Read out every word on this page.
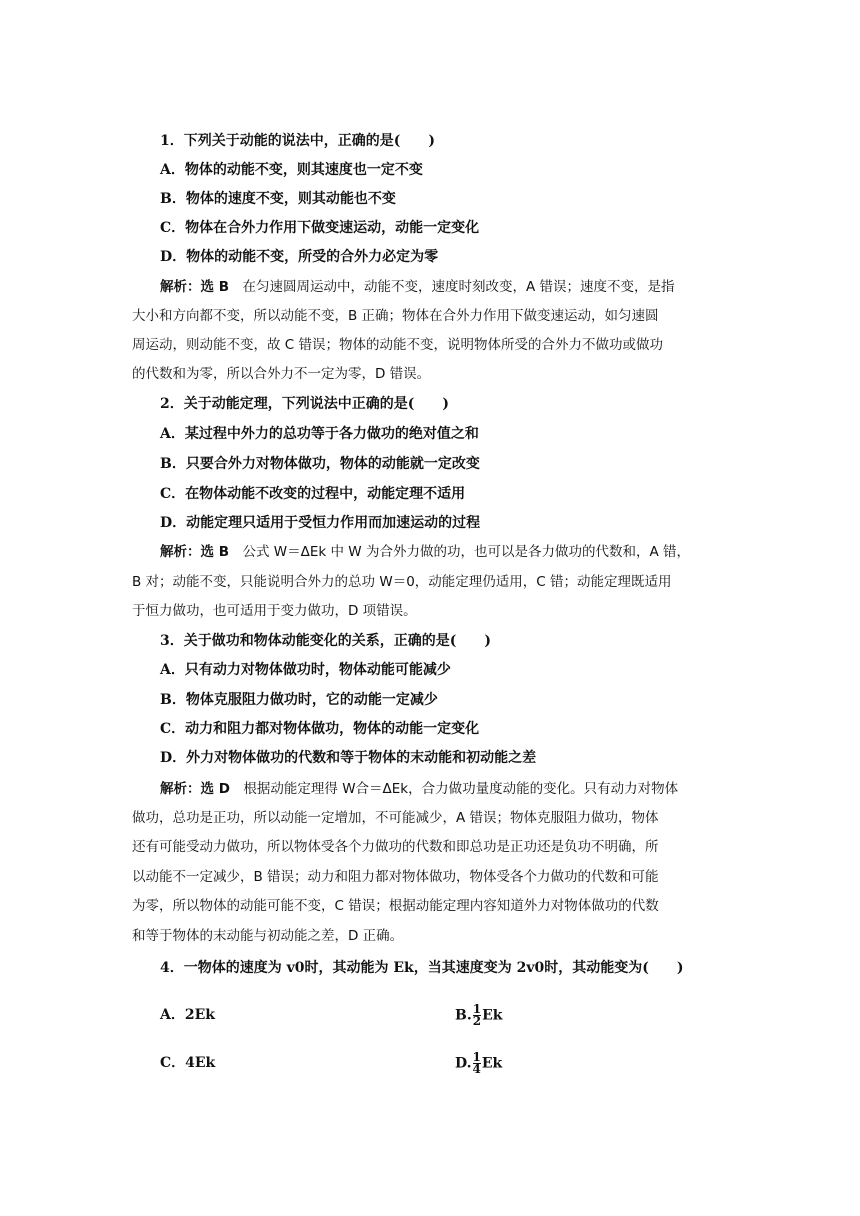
1．下列关于动能的说法中，正确的是(　　)
A．物体的动能不变，则其速度也一定不变
B．物体的速度不变，则其动能也不变
C．物体在合外力作用下做变速运动，动能一定变化
D．物体的动能不变，所受的合外力必定为零
解析：选 B　在匀速圆周运动中，动能不变，速度时刻改变，A 错误；速度不变，是指
大小和方向都不变，所以动能不变，B 正确；物体在合外力作用下做变速运动，如匀速圆
周运动，则动能不变，故 C 错误；物体的动能不变，说明物体所受的合外力不做功或做功
的代数和为零，所以合外力不一定为零，D 错误。
2．关于动能定理，下列说法中正确的是(　　)
A．某过程中外力的总功等于各力做功的绝对值之和
B．只要合外力对物体做功，物体的动能就一定改变
C．在物体动能不改变的过程中，动能定理不适用
D．动能定理只适用于受恒力作用而加速运动的过程
解析：选 B　公式 W＝ΔEk 中 W 为合外力做的功，也可以是各力做功的代数和，A 错，
B 对；动能不变，只能说明合外力的总功 W＝0，动能定理仍适用，C 错；动能定理既适用
于恒力做功，也可适用于变力做功，D 项错误。
3．关于做功和物体动能变化的关系，正确的是(　　)
A．只有动力对物体做功时，物体动能可能减少
B．物体克服阻力做功时，它的动能一定减少
C．动力和阻力都对物体做功，物体的动能一定变化
D．外力对物体做功的代数和等于物体的末动能和初动能之差
解析：选 D　根据动能定理得 W合＝ΔEk，合力做功量度动能的变化。只有动力对物体
做功，总功是正功，所以动能一定增加，不可能减少，A 错误；物体克服阻力做功，物体
还有可能受动力做功，所以物体受各个力做功的代数和即总功是正功还是负功不明确，所
以动能不一定减少，B 错误；动力和阻力都对物体做功，物体受各个力做功的代数和可能
为零，所以物体的动能可能不变，C 错误；根据动能定理内容知道外力对物体做功的代数
和等于物体的末动能与初动能之差，D 正确。
4．一物体的速度为 v0时，其动能为 Ek，当其速度变为 2v0时，其动能变为(　　)
A．2Ek	B. $\frac{1}{2}$ Ek
C．4Ek	D. $\frac{1}{4}$ Ek
